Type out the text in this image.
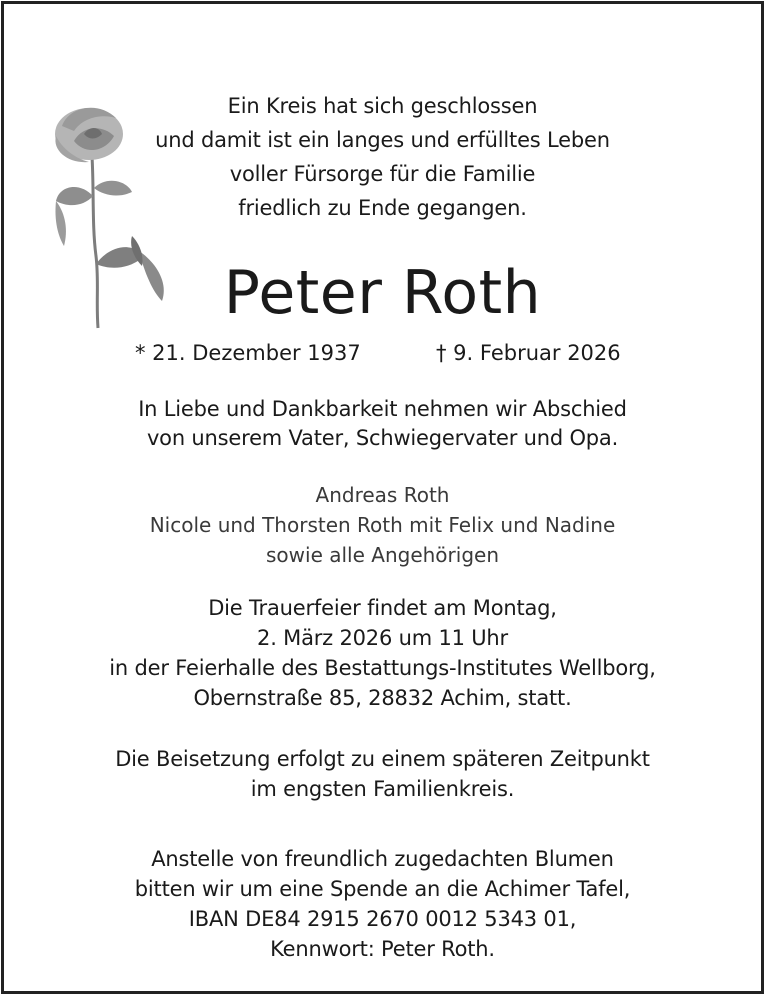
Ein Kreis hat sich geschlossen
und damit ist ein langes und erfülltes Leben
voller Fürsorge für die Familie
friedlich zu Ende gegangen.
Peter Roth
* 21. Dezember 1937	† 9. Februar 2026
In Liebe und Dankbarkeit nehmen wir Abschied
von unserem Vater, Schwiegervater und Opa.
Andreas Roth
Nicole und Thorsten Roth mit Felix und Nadine
sowie alle Angehörigen
Die Trauerfeier findet am Montag,
2. März 2026 um 11 Uhr
in der Feierhalle des Bestattungs-Institutes Wellborg,
Obernstraße 85, 28832 Achim, statt.
Die Beisetzung erfolgt zu einem späteren Zeitpunkt
im engsten Familienkreis.
Anstelle von freundlich zugedachten Blumen
bitten wir um eine Spende an die Achimer Tafel,
IBAN DE84 2915 2670 0012 5343 01,
Kennwort: Peter Roth.
